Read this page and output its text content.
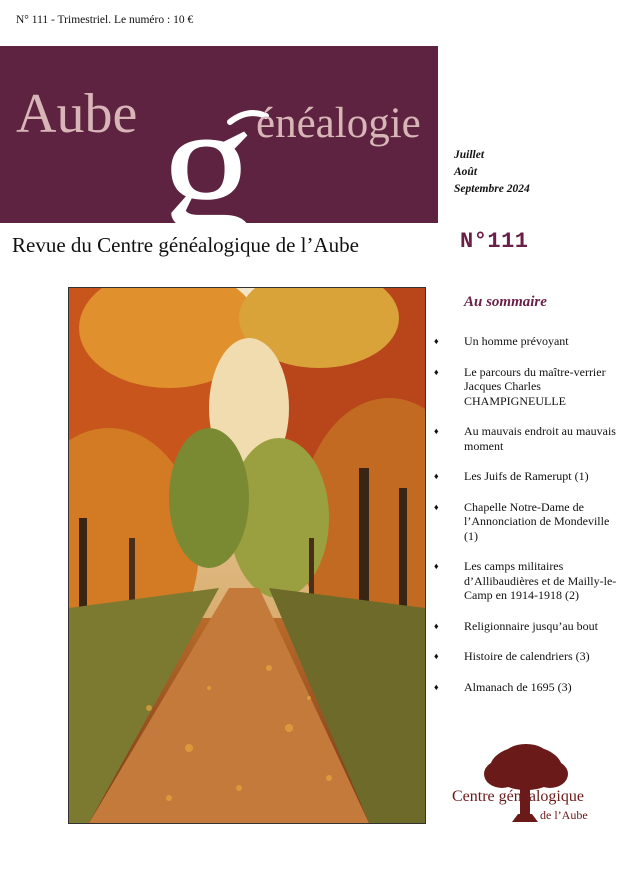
N° 111 - Trimestriel. Le numéro : 10 €
g
Aube	énéalogie
Juillet
Août
Septembre 2024
Revue du Centre généalogique de l’Aube	N°111
Au sommaire
♦ Un homme prévoyant
♦ Le parcours du maître-verrier Jacques Charles CHAMPIGNEULLE
♦ Au mauvais endroit au mauvais moment
♦ Les Juifs de Ramerupt (1)
♦ Chapelle Notre-Dame de l’Annonciation de Mondeville (1)
♦ Les camps militaires d’Allibaudières et de Mailly-le-Camp en 1914-1918 (2)
♦ Religionnaire jusqu’au bout
♦ Histoire de calendriers (3)
♦ Almanach de 1695 (3)
Centre généalogique
de l’Aube
